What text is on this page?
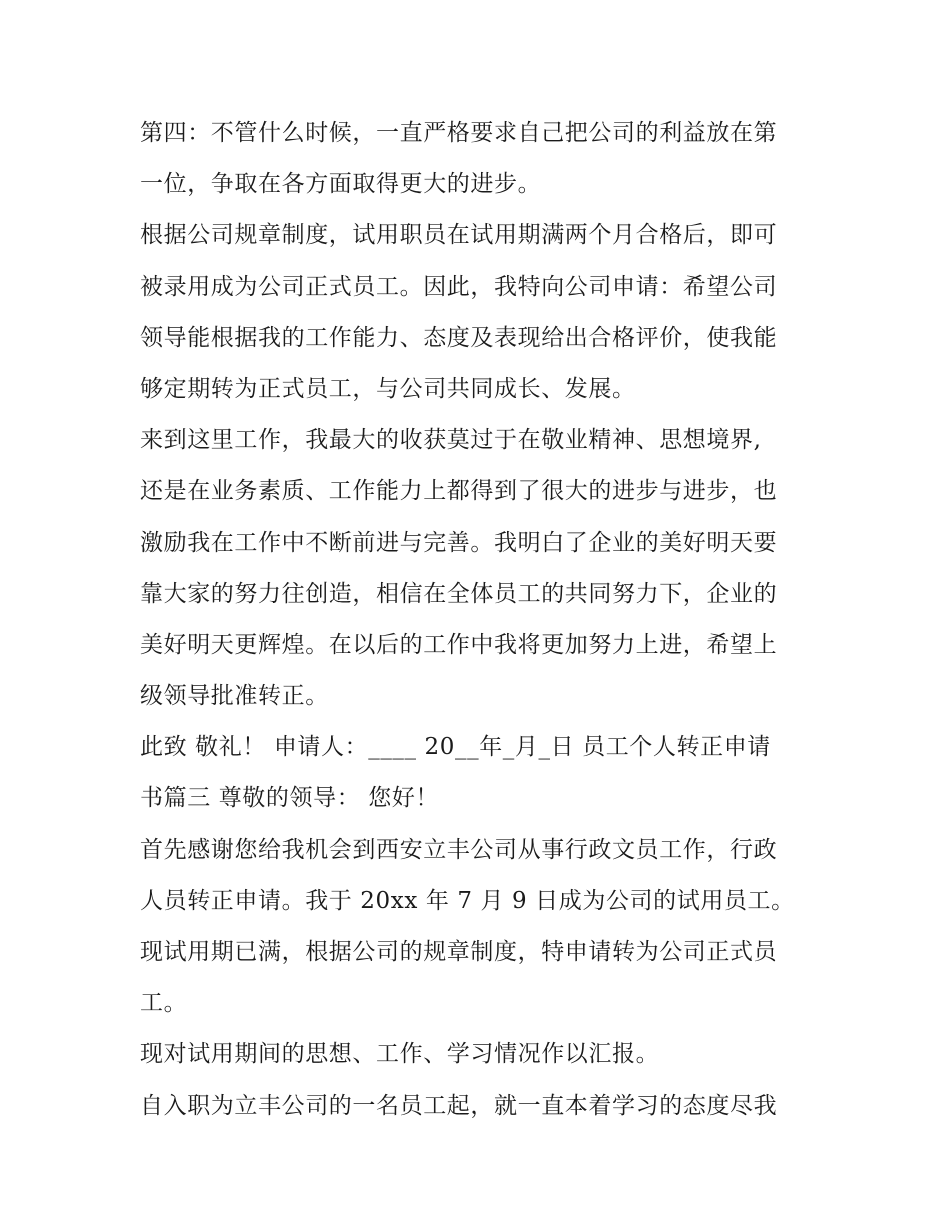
第四：不管什么时候，一直严格要求自己把公司的利益放在第
一位，争取在各方面取得更大的进步。
根据公司规章制度，试用职员在试用期满两个月合格后，即可
被录用成为公司正式员工。因此，我特向公司申请：希望公司
领导能根据我的工作能力、态度及表现给出合格评价，使我能
够定期转为正式员工，与公司共同成长、发展。
来到这里工作，我最大的收获莫过于在敬业精神、思想境界,
还是在业务素质、工作能力上都得到了很大的进步与进步，也
激励我在工作中不断前进与完善。我明白了企业的美好明天要
靠大家的努力往创造，相信在全体员工的共同努力下，企业的
美好明天更辉煌。在以后的工作中我将更加努力上进，希望上
级领导批准转正。
此致 敬礼！ 申请人：____ 20__年_月_日 员工个人转正申请
书篇三 尊敬的领导： 您好！
首先感谢您给我机会到西安立丰公司从事行政文员工作，行政
人员转正申请。我于 20xx 年 7 月 9 日成为公司的试用员工。
现试用期已满，根据公司的规章制度，特申请转为公司正式员
工。
现对试用期间的思想、工作、学习情况作以汇报。
自入职为立丰公司的一名员工起，就一直本着学习的态度尽我
